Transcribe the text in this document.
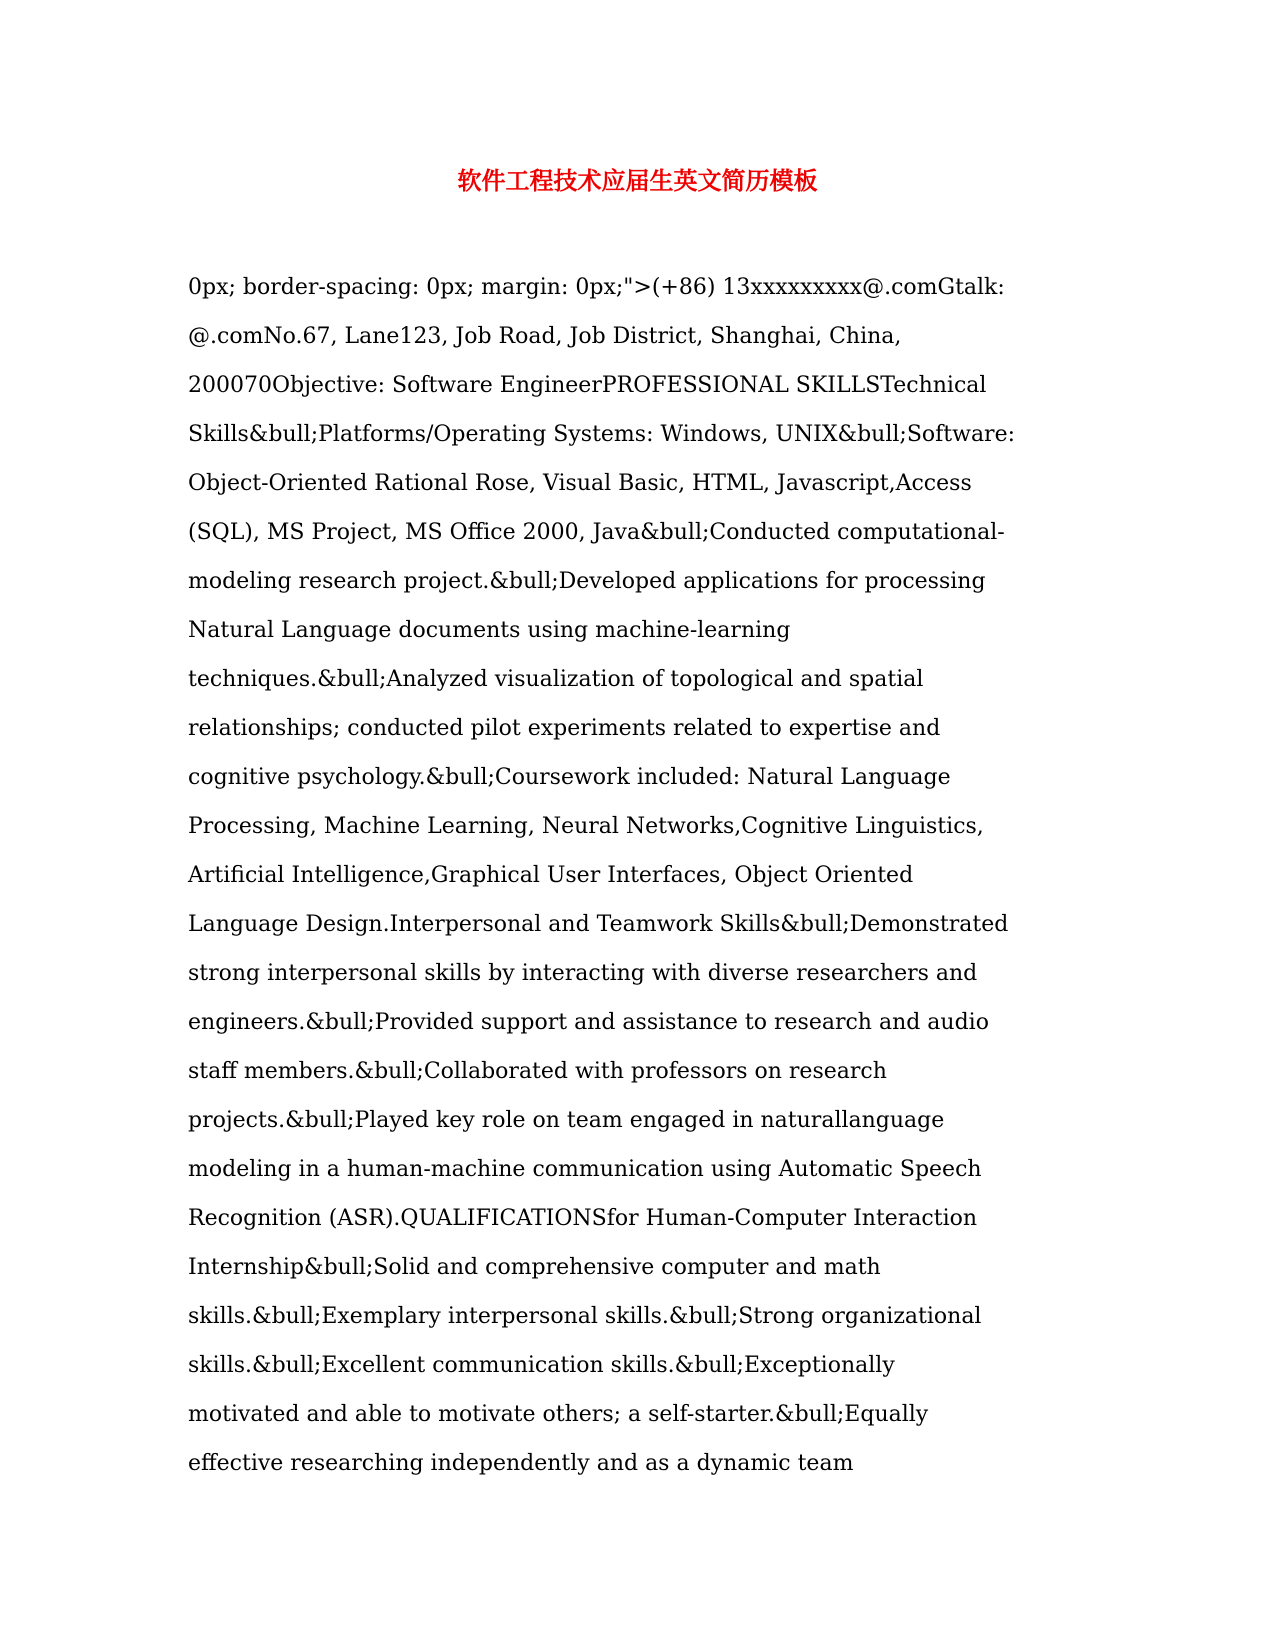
软件工程技术应届生英文简历模板
0px; border-spacing: 0px; margin: 0px;">(+86) 13xxxxxxxxx@.comGtalk:
@.comNo.67, Lane123, Job Road, Job District, Shanghai, China,
200070Objective: Software EngineerPROFESSIONAL SKILLSTechnical
Skills&bull;Platforms/Operating Systems: Windows, UNIX&bull;Software:
Object-Oriented Rational Rose, Visual Basic, HTML, Javascript,Access
(SQL), MS Project, MS Office 2000, Java&bull;Conducted computational-
modeling research project.&bull;Developed applications for processing
Natural Language documents using machine-learning
techniques.&bull;Analyzed visualization of topological and spatial
relationships; conducted pilot experiments related to expertise and
cognitive psychology.&bull;Coursework included: Natural Language
Processing, Machine Learning, Neural Networks,Cognitive Linguistics,
Artificial Intelligence,Graphical User Interfaces, Object Oriented
Language Design.Interpersonal and Teamwork Skills&bull;Demonstrated
strong interpersonal skills by interacting with diverse researchers and
engineers.&bull;Provided support and assistance to research and audio
staff members.&bull;Collaborated with professors on research
projects.&bull;Played key role on team engaged in naturallanguage
modeling in a human-machine communication using Automatic Speech
Recognition (ASR).QUALIFICATIONSfor Human-Computer Interaction
Internship&bull;Solid and comprehensive computer and math
skills.&bull;Exemplary interpersonal skills.&bull;Strong organizational
skills.&bull;Excellent communication skills.&bull;Exceptionally
motivated and able to motivate others; a self-starter.&bull;Equally
effective researching independently and as a dynamic team
